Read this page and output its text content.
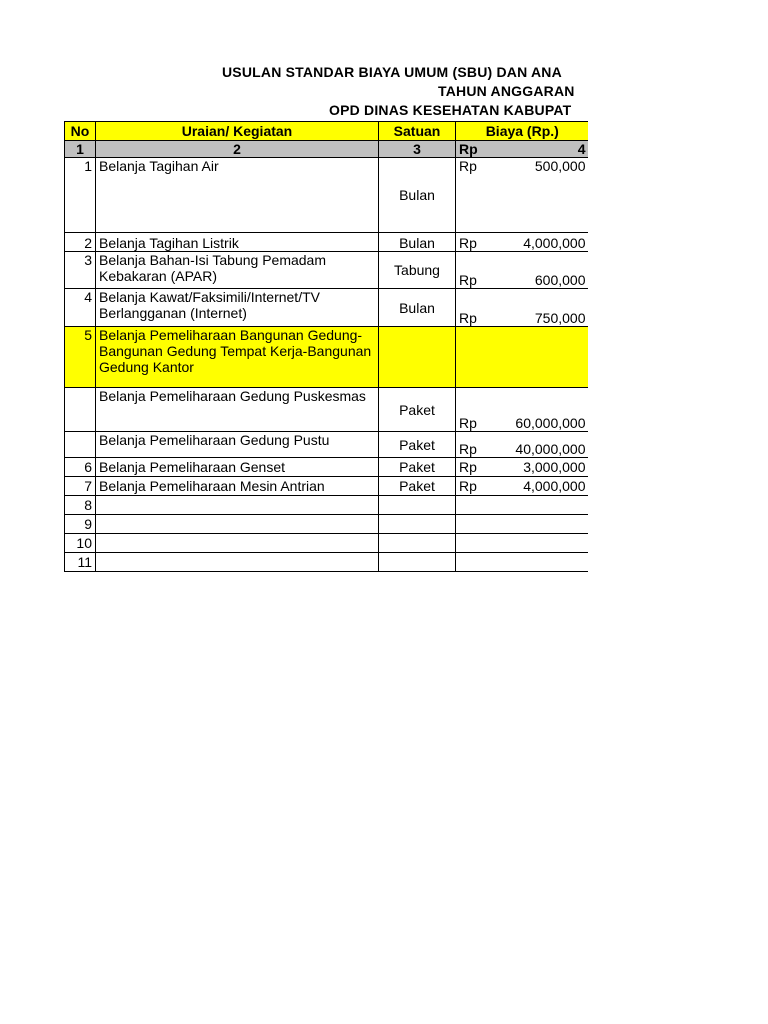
USULAN STANDAR BIAYA UMUM (SBU) DAN ANA
TAHUN ANGGARAN
OPD DINAS KESEHATAN KABUPAT
No	Uraian/ Kegiatan	Satuan	Biaya (Rp.)	
1	2	3	Rp	4
1	Belanja Tagihan Air	Bulan	Rp	500,000
2	Belanja Tagihan Listrik	Bulan	Rp	4,000,000
3	Belanja Bahan-Isi Tabung Pemadam Kebakaran (APAR)	Tabung	Rp	600,000
4	Belanja Kawat/Faksimili/Internet/TV Berlangganan (Internet)	Bulan	Rp	750,000
5	Belanja Pemeliharaan Bangunan Gedung-Bangunan Gedung Tempat Kerja-Bangunan Gedung Kantor			
	Belanja Pemeliharaan Gedung Puskesmas	Paket	Rp	60,000,000
	Belanja Pemeliharaan Gedung Pustu	Paket	Rp	40,000,000
6	Belanja Pemeliharaan Genset	Paket	Rp	3,000,000
7	Belanja Pemeliharaan Mesin Antrian	Paket	Rp	4,000,000
8				
9				
10				
11				
